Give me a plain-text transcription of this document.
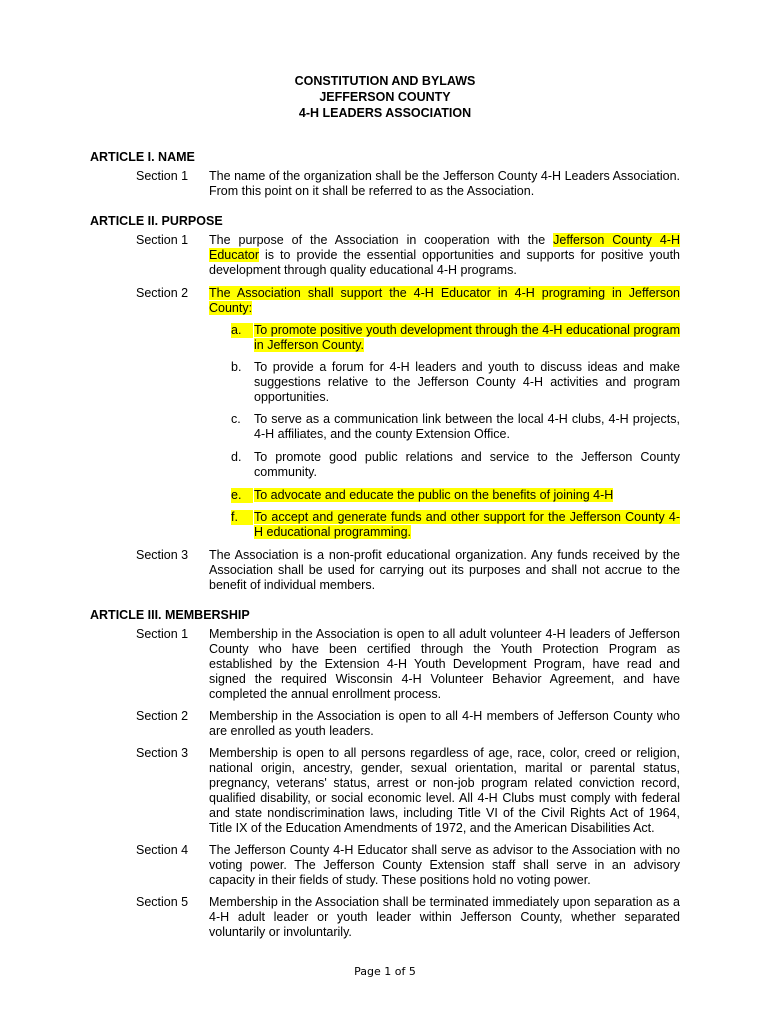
CONSTITUTION AND BYLAWS
JEFFERSON COUNTY
4-H LEADERS ASSOCIATION
ARTICLE I. NAME
Section 1	The name of the organization shall be the Jefferson County 4-H Leaders Association. From this point on it shall be referred to as the Association.
ARTICLE II. PURPOSE
Section 1	The purpose of the Association in cooperation with the Jefferson County 4-H Educator is to provide the essential opportunities and supports for positive youth development through quality educational 4-H programs.
Section 2	The Association shall support the 4-H Educator in 4-H programing in Jefferson County:
a.	To promote positive youth development through the 4-H educational program in Jefferson County.
b.	To provide a forum for 4-H leaders and youth to discuss ideas and make suggestions relative to the Jefferson County 4-H activities and program opportunities.
c.	To serve as a communication link between the local 4-H clubs, 4-H projects, 4-H affiliates, and the county Extension Office.
d.	To promote good public relations and service to the Jefferson County community.
e.	To advocate and educate the public on the benefits of joining 4-H
f.	To accept and generate funds and other support for the Jefferson County 4-H educational programming.
Section 3	The Association is a non-profit educational organization. Any funds received by the Association shall be used for carrying out its purposes and shall not accrue to the benefit of individual members.
ARTICLE III. MEMBERSHIP
Section 1	Membership in the Association is open to all adult volunteer 4-H leaders of Jefferson County who have been certified through the Youth Protection Program as established by the Extension 4-H Youth Development Program, have read and signed the required Wisconsin 4-H Volunteer Behavior Agreement, and have completed the annual enrollment process.
Section 2	Membership in the Association is open to all 4-H members of Jefferson County who are enrolled as youth leaders.
Section 3	Membership is open to all persons regardless of age, race, color, creed or religion, national origin, ancestry, gender, sexual orientation, marital or parental status, pregnancy, veterans' status, arrest or non-job program related conviction record, qualified disability, or social economic level. All 4-H Clubs must comply with federal and state nondiscrimination laws, including Title VI of the Civil Rights Act of 1964, Title IX of the Education Amendments of 1972, and the American Disabilities Act.
Section 4	The Jefferson County 4-H Educator shall serve as advisor to the Association with no voting power. The Jefferson County Extension staff shall serve in an advisory capacity in their fields of study. These positions hold no voting power.
Section 5	Membership in the Association shall be terminated immediately upon separation as a 4-H adult leader or youth leader within Jefferson County, whether separated voluntarily or involuntarily.
Page 1 of 5
